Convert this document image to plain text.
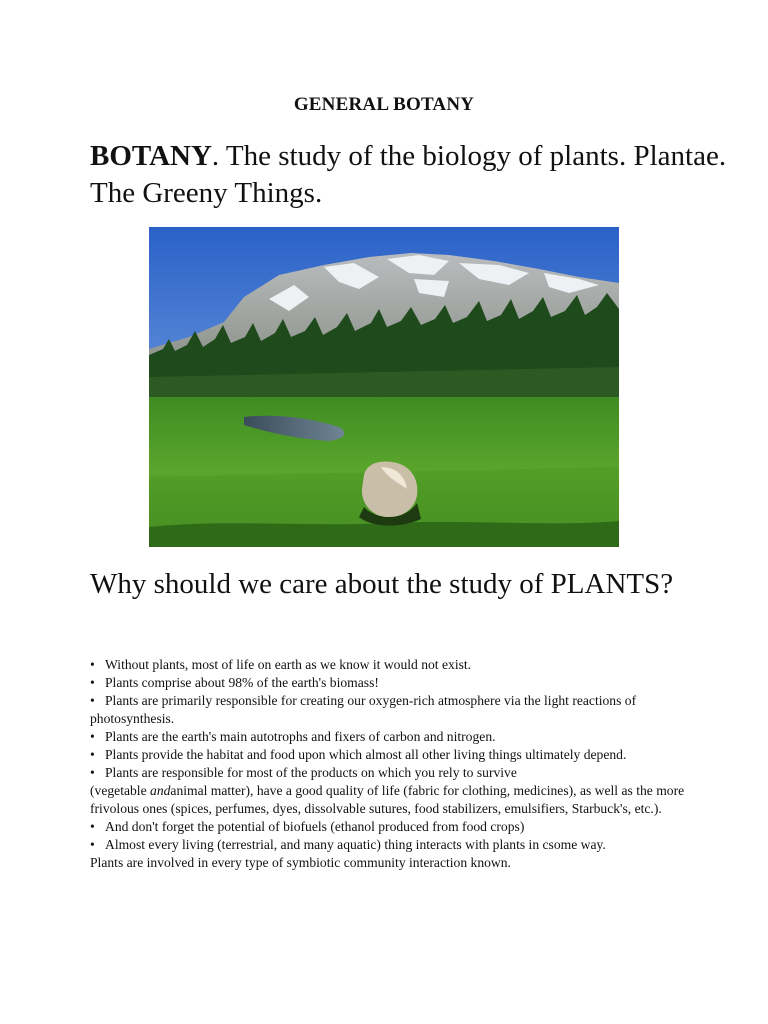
GENERAL BOTANY
BOTANY. The study of the biology of plants. Plantae. The Greeny Things.
Why should we care about the study of PLANTS?
• Without plants, most of life on earth as we know it would not exist.
• Plants comprise about 98% of the earth's biomass!
• Plants are primarily responsible for creating our oxygen-rich atmosphere via the light reactions of photosynthesis.
• Plants are the earth's main autotrophs and fixers of carbon and nitrogen.
• Plants provide the habitat and food upon which almost all other living things ultimately depend.
• Plants are responsible for most of the products on which you rely to survive
(vegetable andanimal matter), have a good quality of life (fabric for clothing, medicines), as well as the more frivolous ones (spices, perfumes, dyes, dissolvable sutures, food stabilizers, emulsifiers, Starbuck's, etc.).
• And don't forget the potential of biofuels (ethanol produced from food crops)
• Almost every living (terrestrial, and many aquatic) thing interacts with plants in csome way.
Plants are involved in every type of symbiotic community interaction known.
